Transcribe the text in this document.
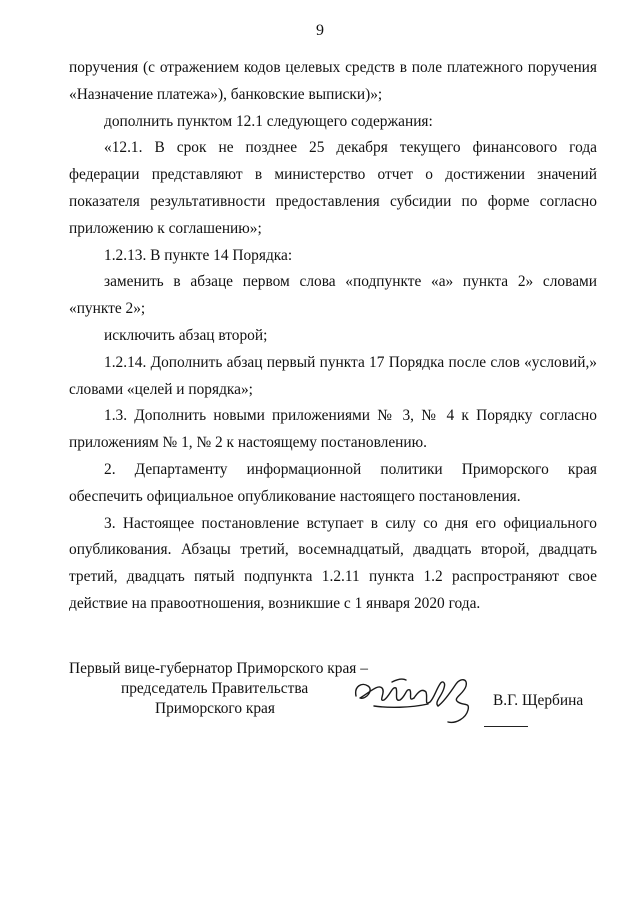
9

поручения (с отражением кодов целевых средств в поле платежного поручения «Назначение платежа»), банковские выписки)»;

дополнить пунктом 12.1 следующего содержания:

«12.1. В срок не позднее 25 декабря текущего финансового года федерации представляют в министерство отчет о достижении значений показателя результативности предоставления субсидии по форме согласно приложению к соглашению»;

1.2.13. В пункте 14 Порядка:

заменить в абзаце первом слова «подпункте «а» пункта 2» словами «пункте 2»;

исключить абзац второй;

1.2.14. Дополнить абзац первый пункта 17 Порядка после слов «условий,» словами «целей и порядка»;

1.3. Дополнить новыми приложениями № 3, № 4 к Порядку согласно приложениям № 1, № 2 к настоящему постановлению.

2. Департаменту информационной политики Приморского края обеспечить официальное опубликование настоящего постановления.

3. Настоящее постановление вступает в силу со дня его официального опубликования. Абзацы третий, восемнадцатый, двадцать второй, двадцать третий, двадцать пятый подпункта 1.2.11 пункта 1.2 распространяют свое действие на правоотношения, возникшие с 1 января 2020 года.

Первый вице-губернатор Приморского края –
председатель Правительства
Приморского края	В.Г. Щербина
